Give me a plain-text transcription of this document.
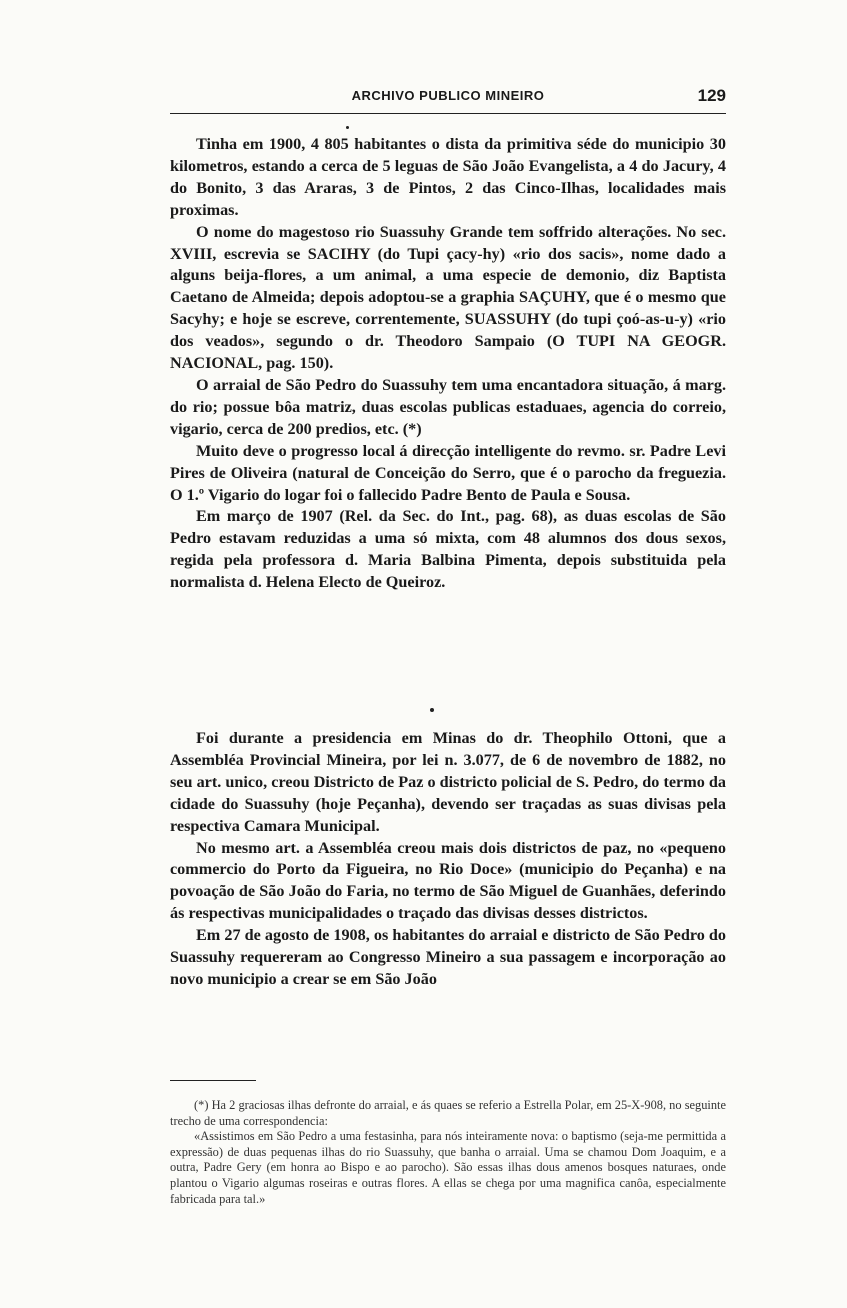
ARCHIVO PUBLICO MINEIRO	129

Tinha em 1900, 4 805 habitantes o dista da primitiva séde do municipio 30 kilometros, estando a cerca de 5 leguas de São João Evangelista, a 4 do Jacury, 4 do Bonito, 3 das Araras, 3 de Pintos, 2 das Cinco-Ilhas, localidades mais proximas.

O nome do magestoso rio Suassuhy Grande tem soffrido alterações. No sec. XVIII, escrevia se SACIHY (do Tupi çacy-hy) «rio dos sacis», nome dado a alguns beija-flores, a um animal, a uma especie de demonio, diz Baptista Caetano de Almeida; depois adoptou-se a graphia SAÇUHY, que é o mesmo que Sacyhy; e hoje se escreve, correntemente, SUASSUHY (do tupi çoó-as-u-y) «rio dos veados», segundo o dr. Theodoro Sampaio (O TUPI NA GEOGR. NACIONAL, pag. 150).

O arraial de São Pedro do Suassuhy tem uma encantadora situação, á marg. do rio; possue bôa matriz, duas escolas publicas estaduaes, agencia do correio, vigario, cerca de 200 predios, etc. (*)

Muito deve o progresso local á direcção intelligente do revmo. sr. Padre Levi Pires de Oliveira (natural de Conceição do Serro, que é o parocho da freguezia. O 1.º Vigario do logar foi o fallecido Padre Bento de Paula e Sousa.

Em março de 1907 (Rel. da Sec. do Int., pag. 68), as duas escolas de São Pedro estavam reduzidas a uma só mixta, com 48 alumnos dos dous sexos, regida pela professora d. Maria Balbina Pimenta, depois substituida pela normalista d. Helena Electo de Queiroz.

Foi durante a presidencia em Minas do dr. Theophilo Ottoni, que a Assembléa Provincial Mineira, por lei n. 3.077, de 6 de novembro de 1882, no seu art. unico, creou Districto de Paz o districto policial de S. Pedro, do termo da cidade do Suassuhy (hoje Peçanha), devendo ser traçadas as suas divisas pela respectiva Camara Municipal.

No mesmo art. a Assembléa creou mais dois districtos de paz, no «pequeno commercio do Porto da Figueira, no Rio Doce» (municipio do Peçanha) e na povoação de São João do Faria, no termo de São Miguel de Guanhães, deferindo ás respectivas municipalidades o traçado das divisas desses districtos.

Em 27 de agosto de 1908, os habitantes do arraial e districto de São Pedro do Suassuhy requereram ao Congresso Mineiro a sua passagem e incorporação ao novo municipio a crear se em São João

(*) Ha 2 graciosas ilhas defronte do arraial, e ás quaes se referio a Estrella Polar, em 25-X-908, no seguinte trecho de uma correspondencia:

«Assistimos em São Pedro a uma festasinha, para nós inteiramente nova: o baptismo (seja-me permittida a expressão) de duas pequenas ilhas do rio Suassuhy, que banha o arraial. Uma se chamou Dom Joaquim, e a outra, Padre Gery (em honra ao Bispo e ao parocho). São essas ilhas dous amenos bosques naturaes, onde plantou o Vigario algumas roseiras e outras flores. A ellas se chega por uma magnifica canôa, especialmente fabricada para tal.»
